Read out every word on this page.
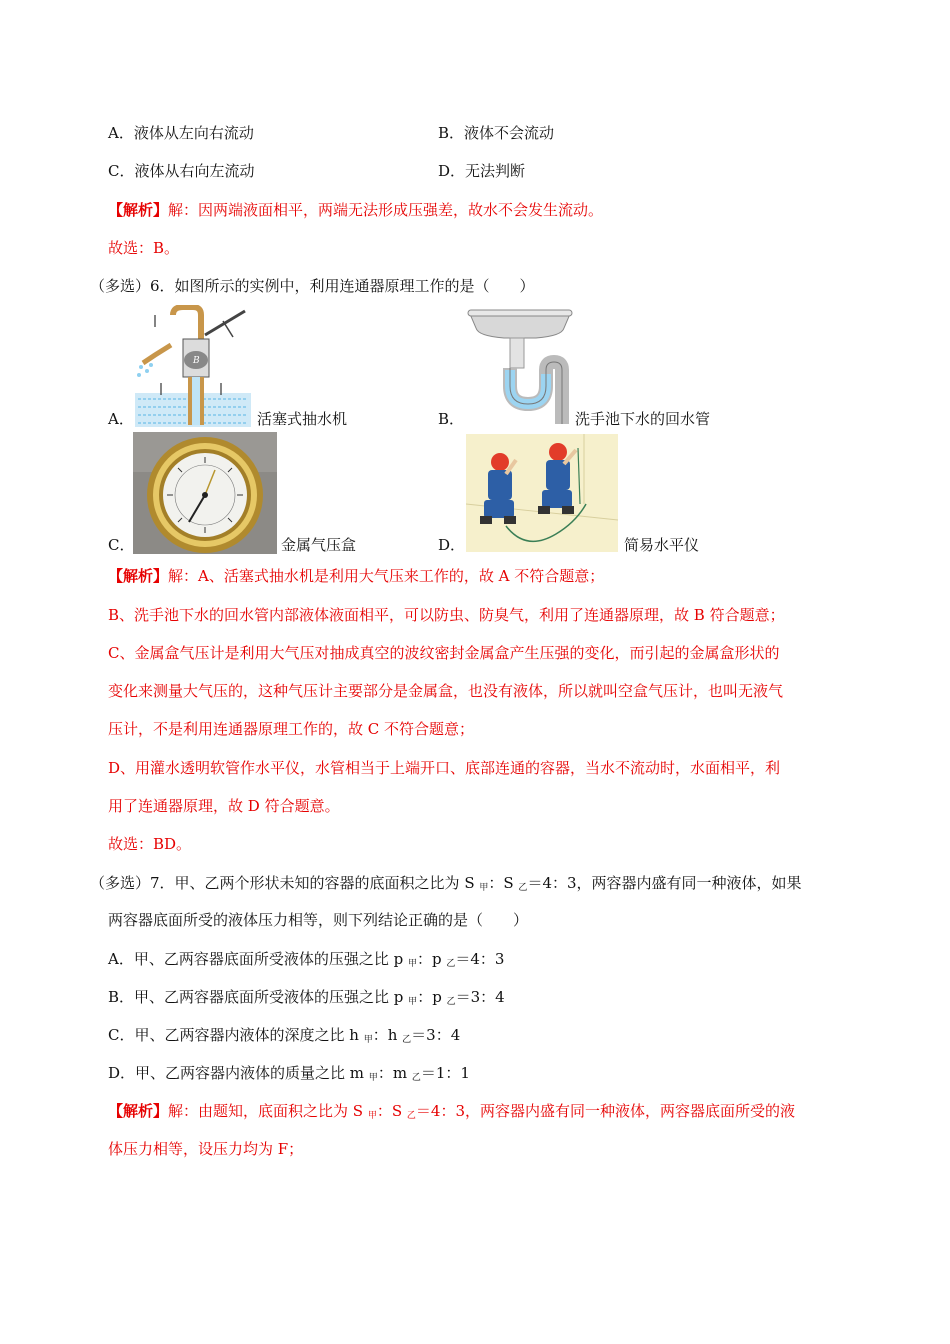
A．液体从左向右流动	B．液体不会流动
C．液体从右向左流动	D．无法判断
【解析】解：因两端液面相平，两端无法形成压强差，故水不会发生流动。
故选：B。
（多选）6．如图所示的实例中，利用连通器原理工作的是（　　）
B
A．	活塞式抽水机	B．	洗手池下水的回水管
C．	金属气压盒	D．	简易水平仪
【解析】解：A、活塞式抽水机是利用大气压来工作的，故 A 不符合题意；
B、洗手池下水的回水管内部液体液面相平，可以防虫、防臭气，利用了连通器原理，故 B 符合题意；
C、金属盒气压计是利用大气压对抽成真空的波纹密封金属盒产生压强的变化，而引起的金属盒形状的
变化来测量大气压的，这种气压计主要部分是金属盒，也没有液体，所以就叫空盒气压计，也叫无液气
压计，不是利用连通器原理工作的，故 C 不符合题意；
D、用灌水透明软管作水平仪，水管相当于上端开口、底部连通的容器，当水不流动时，水面相平，利
用了连通器原理，故 D 符合题意。
故选：BD。
（多选）7．甲、乙两个形状未知的容器的底面积之比为 S $_甲$：S $_乙$＝4：3，两容器内盛有同一种液体，如果
两容器底面所受的液体压力相等，则下列结论正确的是（　　）
A．甲、乙两容器底面所受液体的压强之比 p $_甲$：p $_乙$＝4：3
B．甲、乙两容器底面所受液体的压强之比 p $_甲$：p $_乙$＝3：4
C．甲、乙两容器内液体的深度之比 h $_甲$：h $_乙$＝3：4
D．甲、乙两容器内液体的质量之比 m $_甲$：m $_乙$＝1：1
【解析】解：由题知，底面积之比为 S $_甲$：S $_乙$＝4：3，两容器内盛有同一种液体，两容器底面所受的液
体压力相等，设压力均为 F；
